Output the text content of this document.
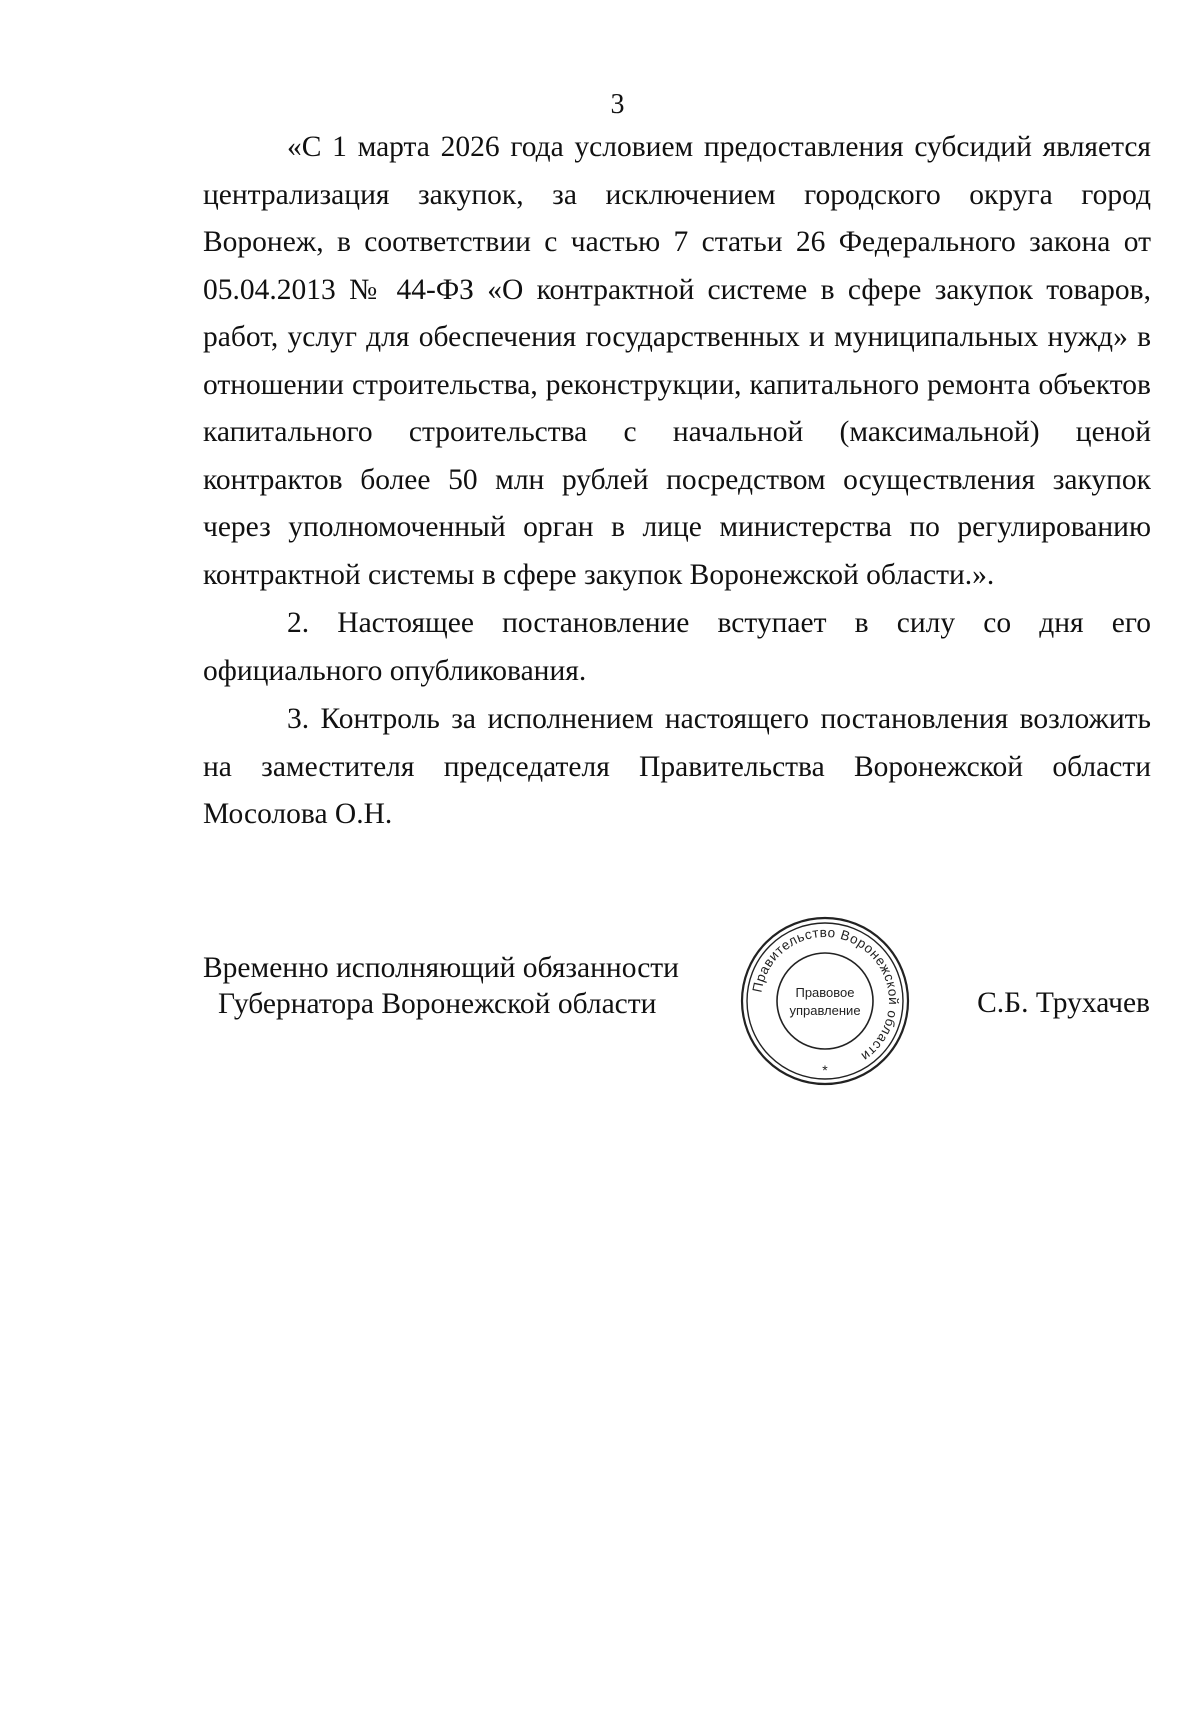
3

«С 1 марта 2026 года условием предоставления субсидий является централизация закупок, за исключением городского округа город Воронеж, в соответствии с частью 7 статьи 26 Федерального закона от 05.04.2013 № 44-ФЗ «О контрактной системе в сфере закупок товаров, работ, услуг для обеспечения государственных и муниципальных нужд» в отношении строительства, реконструкции, капитального ремонта объектов капитального строительства с начальной (максимальной) ценой контрактов более 50 млн рублей посредством осуществления закупок через уполномоченный орган в лице министерства по регулированию контрактной системы в сфере закупок Воронежской области.».

2. Настоящее постановление вступает в силу со дня его официального опубликования.

3. Контроль за исполнением настоящего постановления возложить на заместителя председателя Правительства Воронежской области Мосолова О.Н.

Временно исполняющий обязанности
Губернатора Воронежской области
Правительство Воронежской области
Правовое
управление
*
С.Б. Трухачев
